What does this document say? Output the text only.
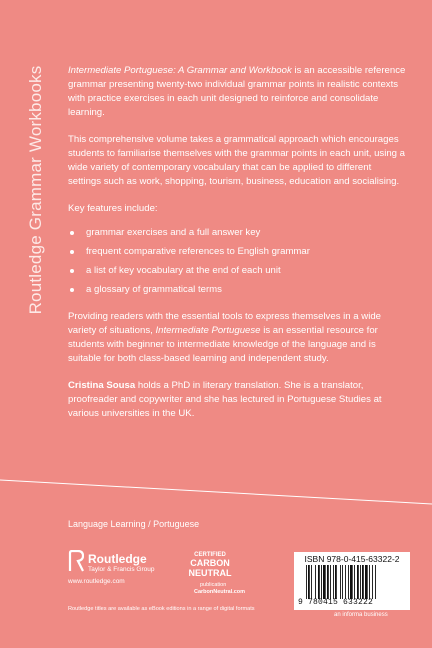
Routledge Grammar Workbooks Intermediate Portuguese: A Grammar and Workbook is an accessible reference grammar presenting twenty-two individual grammar points in realistic contexts with practice exercises in each unit designed to reinforce and consolidate learning.

This comprehensive volume takes a grammatical approach which encourages students to familiarise themselves with the grammar points in each unit, using a wide variety of contemporary vocabulary that can be applied to different settings such as work, shopping, tourism, business, education and socialising.

Key features include:

grammar exercises and a full answer key
frequent comparative references to English grammar
a list of key vocabulary at the end of each unit
a glossary of grammatical terms

Providing readers with the essential tools to express themselves in a wide variety of situations, Intermediate Portuguese is an essential resource for students with beginner to intermediate knowledge of the language and is suitable for both class-based learning and independent study.

Cristina Sousa holds a PhD in literary translation. She is a translator, proofreader and copywriter and she has lectured in Portuguese Studies at various universities in the UK.

Language Learning / Portuguese
Routledge
Taylor & Francis Group
www.routledge.com
CERTIFIED
CARBON
NEUTRAL
publication
CarbonNeutral.com
ISBN 978-0-415-63322-2
9 780415 633222
Routledge titles are available as eBook editions in a range of digital formats
an informa business
